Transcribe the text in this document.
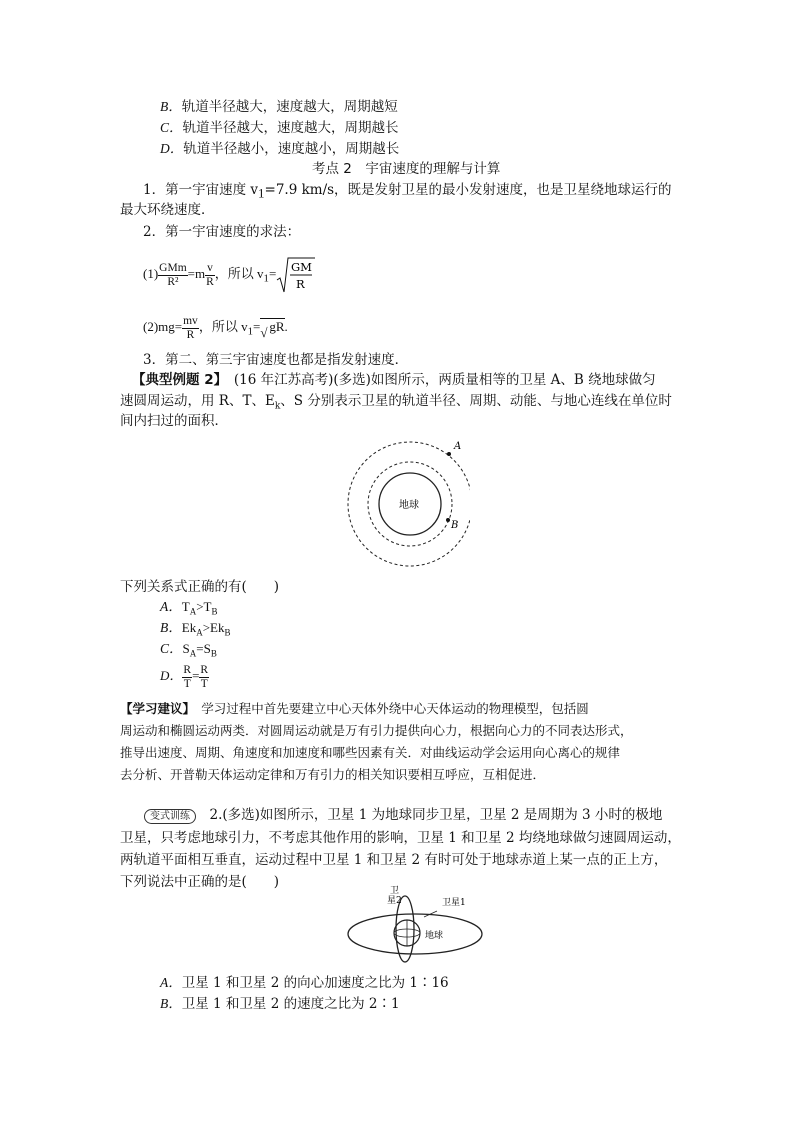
B．轨道半径越大，速度越大，周期越短
C．轨道半径越大，速度越大，周期越长
D．轨道半径越小，速度越小，周期越长
考点 2　宇宙速度的理解与计算
1．第一宇宙速度 $v_1=7.9$ km/s，既是发射卫星的最小发射速度，也是卫星绕地球运行的
最大环绕速度．
2．第一宇宙速度的求法：
$(1) \frac{\text{GMm}}{\text{R²}} =m \frac{v}{R}$ ，所以 $v_1=$ GM
R
$(2)mg= \frac{mv}{R}$ ，所以 $v_1=$ √ gR.
3．第二、第三宇宙速度也都是指发射速度．
【典型例题 2】　(16 年江苏高考)(多选)如图所示，两质量相等的卫星 A、B 绕地球做匀
速圆周运动，用 R、T、$E_k$、S 分别表示卫星的轨道半径、周期、动能、与地心连线在单位时
间内扫过的面积．
地球
A
B
下列关系式正确的有(　　)
A．$T_A>T_B$
B．$Ek_A>Ek_B$
C．$S_A=S_B$
D． $\frac{R}{T} = \frac{R}{T}$
【学习建议】　学习过程中首先要建立中心天体外绕中心天体运动的物理模型，包括圆
周运动和椭圆运动两类．对圆周运动就是万有引力提供向心力，根据向心力的不同表达形式，
推导出速度、周期、角速度和加速度和哪些因素有关．对曲线运动学会运用向心离心的规律
去分析、开普勒天体运动定律和万有引力的相关知识要相互呼应，互相促进．
变式训练　2.(多选)如图所示，卫星 1 为地球同步卫星，卫星 2 是周期为 3 小时的极地
卫星，只考虑地球引力，不考虑其他作用的影响，卫星 1 和卫星 2 均绕地球做匀速圆周运动，
两轨道平面相互垂直，运动过程中卫星 1 和卫星 2 有时可处于地球赤道上某一点的正上方，
下列说法中正确的是(　　)
卫
星2	卫星1
地球
A．卫星 1 和卫星 2 的向心加速度之比为 1∶16
B．卫星 1 和卫星 2 的速度之比为 2∶1
